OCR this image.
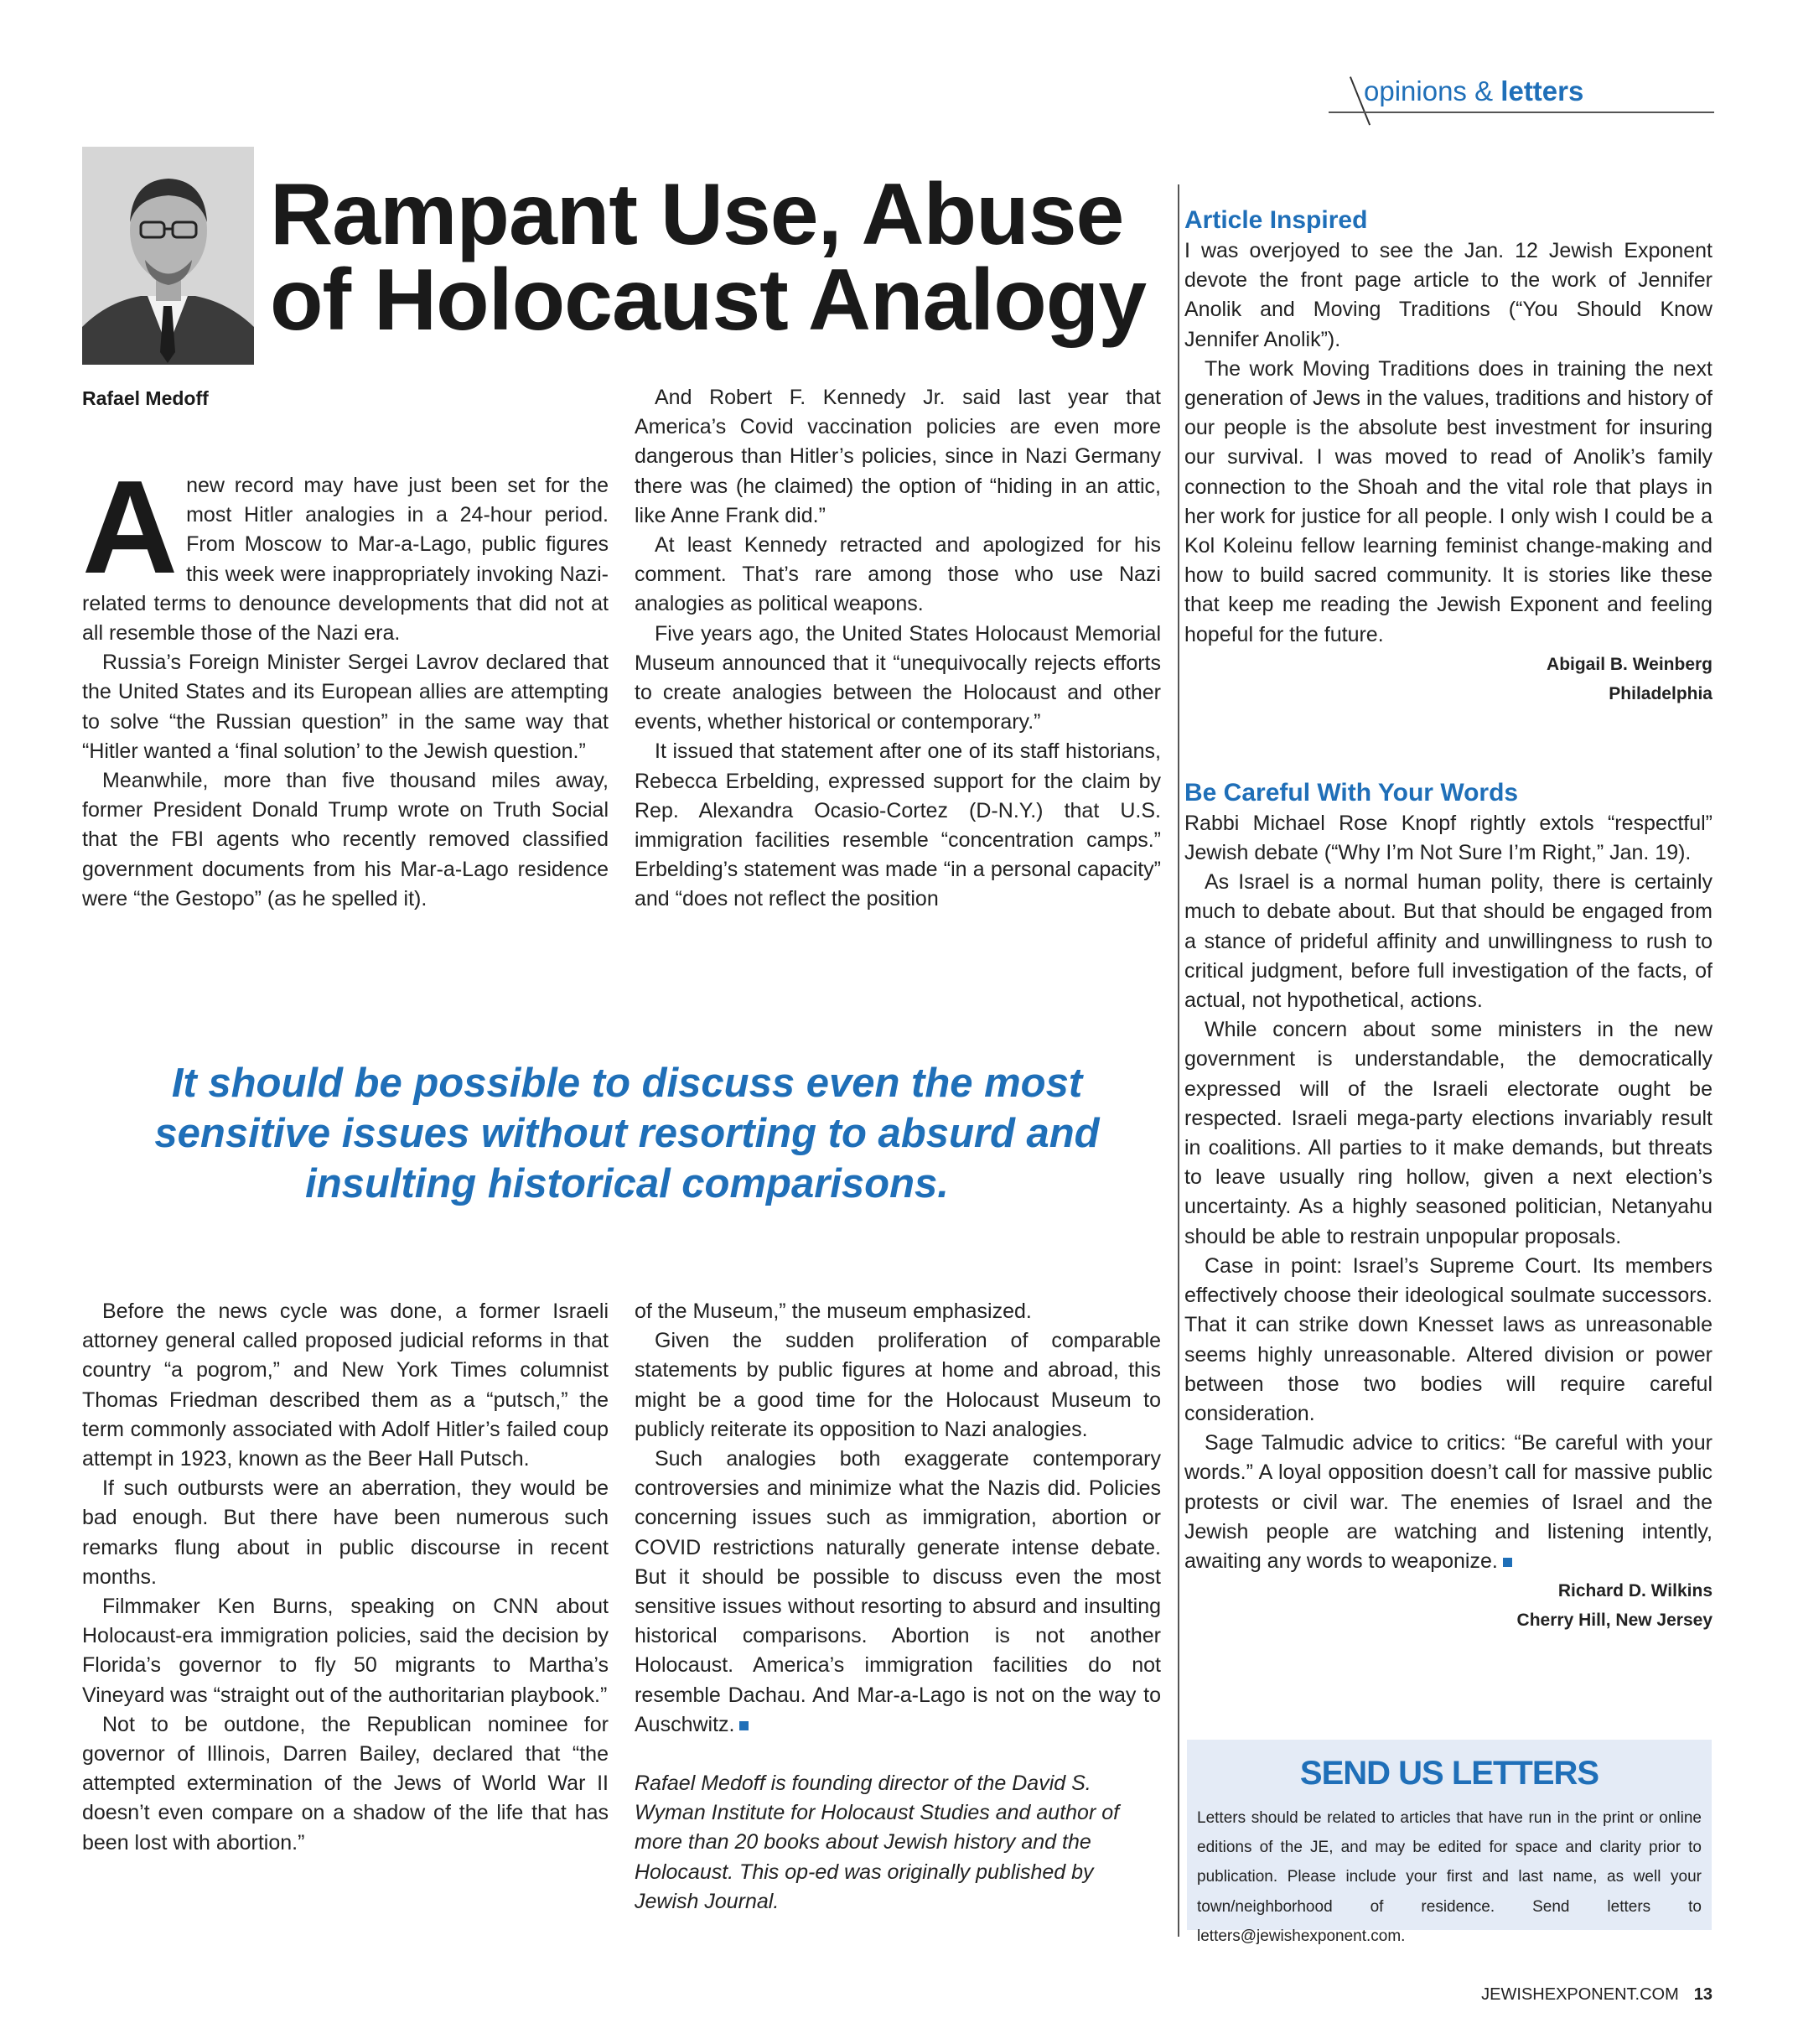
opinions & letters
Rampant Use, Abuse
of Holocaust Analogy
Rafael Medoff

Anew record may have just been set for the most Hitler analogies in a 24-hour period. From Moscow to Mar-a-Lago, public figures this week were inappropriately invoking Nazi-related terms to denounce developments that did not at all resemble those of the Nazi era.

Russia’s Foreign Minister Sergei Lavrov declared that the United States and its European allies are attempting to solve “the Russian question” in the same way that “Hitler wanted a ‘final solution’ to the Jewish question.”

Meanwhile, more than five thousand miles away, former President Donald Trump wrote on Truth Social that the FBI agents who recently removed classified government documents from his Mar-a-Lago residence were “the Gestopo” (as he spelled it).

And Robert F. Kennedy Jr. said last year that America’s Covid vaccination policies are even more dangerous than Hitler’s policies, since in Nazi Germany there was (he claimed) the option of “hiding in an attic, like Anne Frank did.”

At least Kennedy retracted and apologized for his comment. That’s rare among those who use Nazi analogies as political weapons.

Five years ago, the United States Holocaust Memorial Museum announced that it “unequivocally rejects efforts to create analogies between the Holocaust and other events, whether historical or contemporary.”

It issued that statement after one of its staff historians, Rebecca Erbelding, expressed support for the claim by Rep. Alexandra Ocasio-Cortez (D-N.Y.) that U.S. immigration facilities resemble “concentration camps.” Erbelding’s statement was made “in a personal capacity” and “does not reflect the position

It should be possible to discuss even the most sensitive issues without resorting to absurd and insulting historical comparisons.

Before the news cycle was done, a former Israeli attorney general called proposed judicial reforms in that country “a pogrom,” and New York Times columnist Thomas Friedman described them as a “putsch,” the term commonly associated with Adolf Hitler’s failed coup attempt in 1923, known as the Beer Hall Putsch.

If such outbursts were an aberration, they would be bad enough. But there have been numerous such remarks flung about in public discourse in recent months.

Filmmaker Ken Burns, speaking on CNN about Holocaust-era immigration policies, said the decision by Florida’s governor to fly 50 migrants to Martha’s Vineyard was “straight out of the authoritarian playbook.”

Not to be outdone, the Republican nominee for governor of Illinois, Darren Bailey, declared that “the attempted extermination of the Jews of World War II doesn’t even compare on a shadow of the life that has been lost with abortion.”

of the Museum,” the museum emphasized.

Given the sudden proliferation of comparable statements by public figures at home and abroad, this might be a good time for the Holocaust Museum to publicly reiterate its opposition to Nazi analogies.

Such analogies both exaggerate contemporary controversies and minimize what the Nazis did. Policies concerning issues such as immigration, abortion or COVID restrictions naturally generate intense debate. But it should be possible to discuss even the most sensitive issues without resorting to absurd and insulting historical comparisons. Abortion is not another Holocaust. America’s immigration facilities do not resemble Dachau. And Mar-a-Lago is not on the way to Auschwitz.

Rafael Medoff is founding director of the David S. Wyman Institute for Holocaust Studies and author of more than 20 books about Jewish history and the Holocaust. This op-ed was originally published by Jewish Journal.

Article Inspired

I was overjoyed to see the Jan. 12 Jewish Exponent devote the front page article to the work of Jennifer Anolik and Moving Traditions (“You Should Know Jennifer Anolik”).

The work Moving Traditions does in training the next generation of Jews in the values, traditions and history of our people is the absolute best investment for insuring our survival. I was moved to read of Anolik’s family connection to the Shoah and the vital role that plays in her work for justice for all people. I only wish I could be a Kol Koleinu fellow learning feminist change-making and how to build sacred community. It is stories like these that keep me reading the Jewish Exponent and feeling hopeful for the future.

Abigail B. Weinberg

Philadelphia

Be Careful With Your Words

Rabbi Michael Rose Knopf rightly extols “respectful” Jewish debate (“Why I’m Not Sure I’m Right,” Jan. 19).

As Israel is a normal human polity, there is certainly much to debate about. But that should be engaged from a stance of prideful affinity and unwillingness to rush to critical judgment, before full investigation of the facts, of actual, not hypothetical, actions.

While concern about some ministers in the new government is understandable, the democratically expressed will of the Israeli electorate ought be respected. Israeli mega-party elections invariably result in coalitions. All parties to it make demands, but threats to leave usually ring hollow, given a next election’s uncertainty. As a highly seasoned politician, Netanyahu should be able to restrain unpopular proposals.

Case in point: Israel’s Supreme Court. Its members effectively choose their ideological soulmate successors. That it can strike down Knesset laws as unreasonable seems highly unreasonable. Altered division or power between those two bodies will require careful consideration.

Sage Talmudic advice to critics: “Be careful with your words.” A loyal opposition doesn’t call for massive public protests or civil war. The enemies of Israel and the Jewish people are watching and listening intently, awaiting any words to weaponize.

Richard D. Wilkins

Cherry Hill, New Jersey

SEND US LETTERS

Letters should be related to articles that have run in the print or online editions of the JE, and may be edited for space and clarity prior to publication. Please include your first and last name, as well your town/neighborhood of residence. Send letters to letters@jewishexponent.com.

JEWISHEXPONENT.COM 13
